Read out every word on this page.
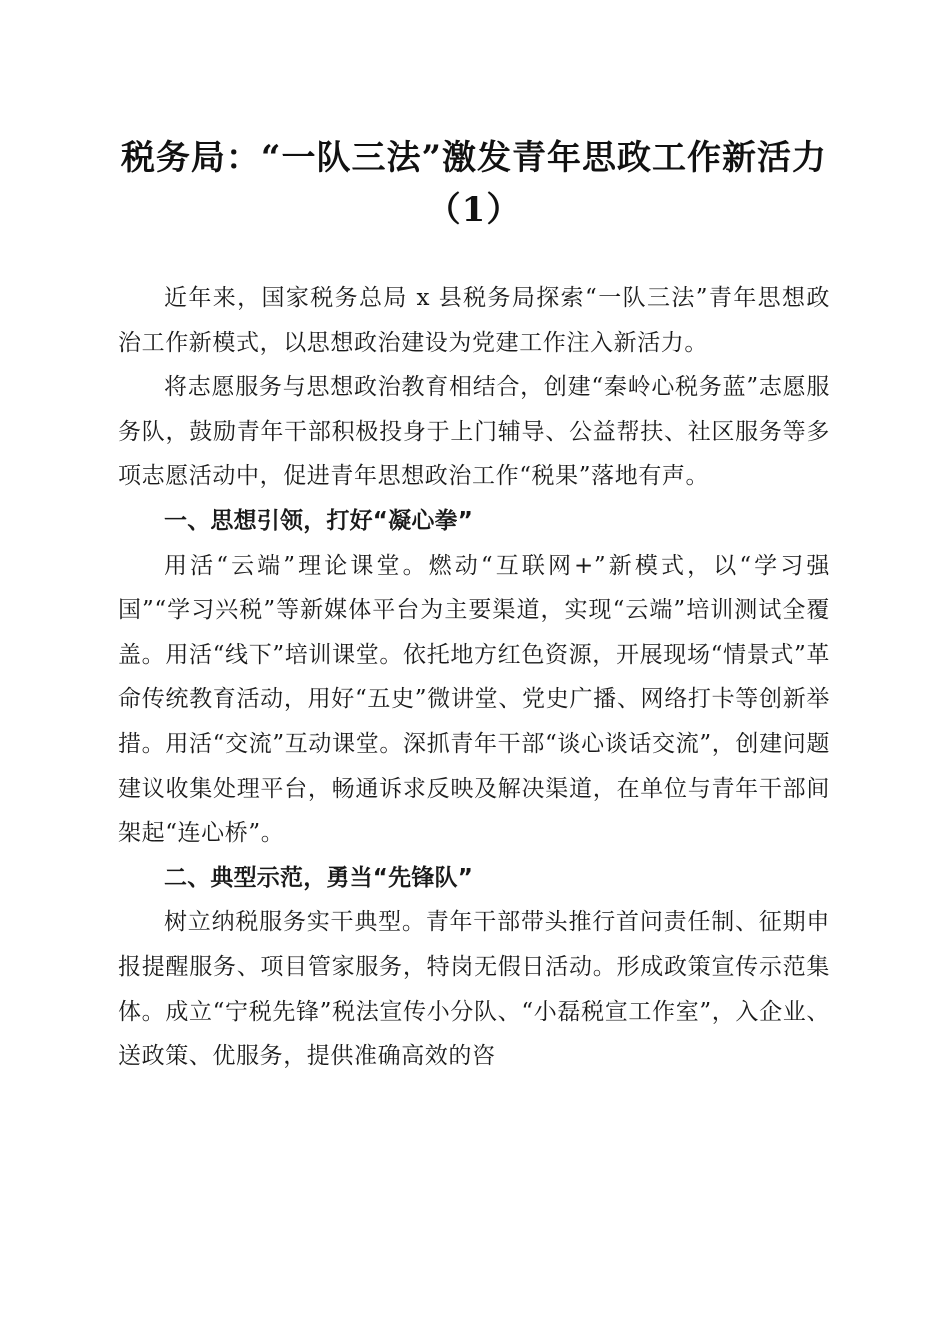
税务局：“一队三法”激发青年思政工作新活力（1）

近年来，国家税务总局 x 县税务局探索“一队三法”青年思想政治工作新模式，以思想政治建设为党建工作注入新活力。

将志愿服务与思想政治教育相结合，创建“秦岭心税务蓝”志愿服务队，鼓励青年干部积极投身于上门辅导、公益帮扶、社区服务等多项志愿活动中，促进青年思想政治工作“税果”落地有声。

一、思想引领，打好“凝心拳”

用活“云端”理论课堂。燃动“互联网+”新模式，以“学习强国”“学习兴税”等新媒体平台为主要渠道，实现“云端”培训测试全覆盖。用活“线下”培训课堂。依托地方红色资源，开展现场“情景式”革命传统教育活动，用好“五史”微讲堂、党史广播、网络打卡等创新举措。用活“交流”互动课堂。深抓青年干部“谈心谈话交流”，创建问题建议收集处理平台，畅通诉求反映及解决渠道，在单位与青年干部间架起“连心桥”。

二、典型示范，勇当“先锋队”

树立纳税服务实干典型。青年干部带头推行首问责任制、征期申报提醒服务、项目管家服务，特岗无假日活动。形成政策宣传示范集体。成立“宁税先锋”税法宣传小分队、“小磊税宣工作室”，入企业、送政策、优服务，提供准确高效的咨
